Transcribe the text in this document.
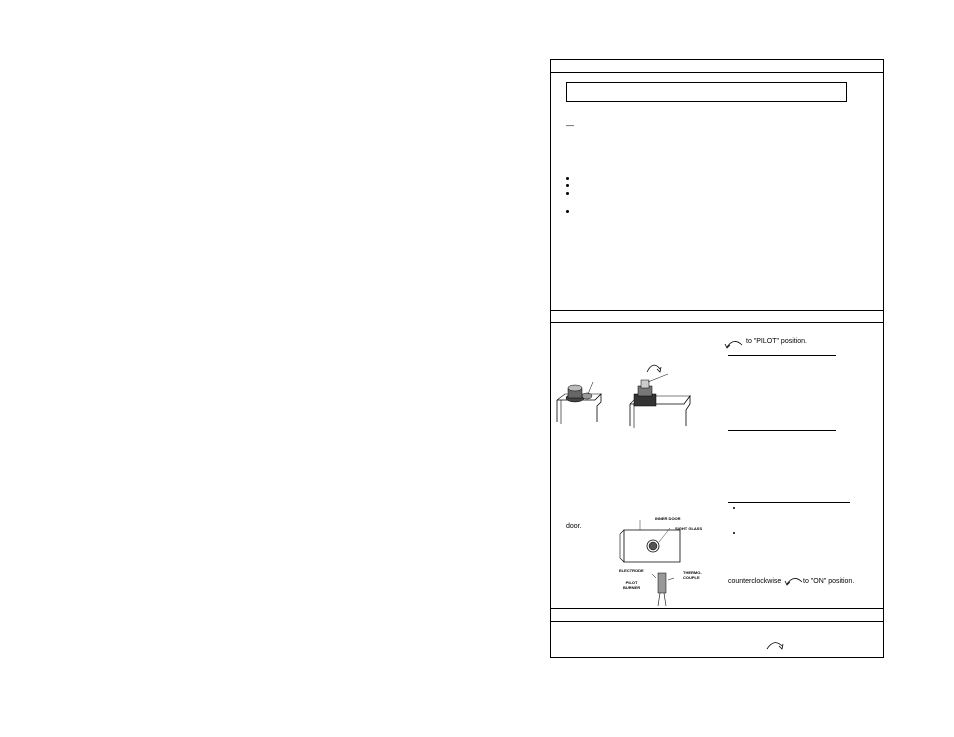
—
to "PILOT" position.
counterclockwise	to "ON" position.
INNER DOOR
SIGHT GLASS
ELECTRODE	THERMO-
COUPLE
PILOT
BURNER
door.
